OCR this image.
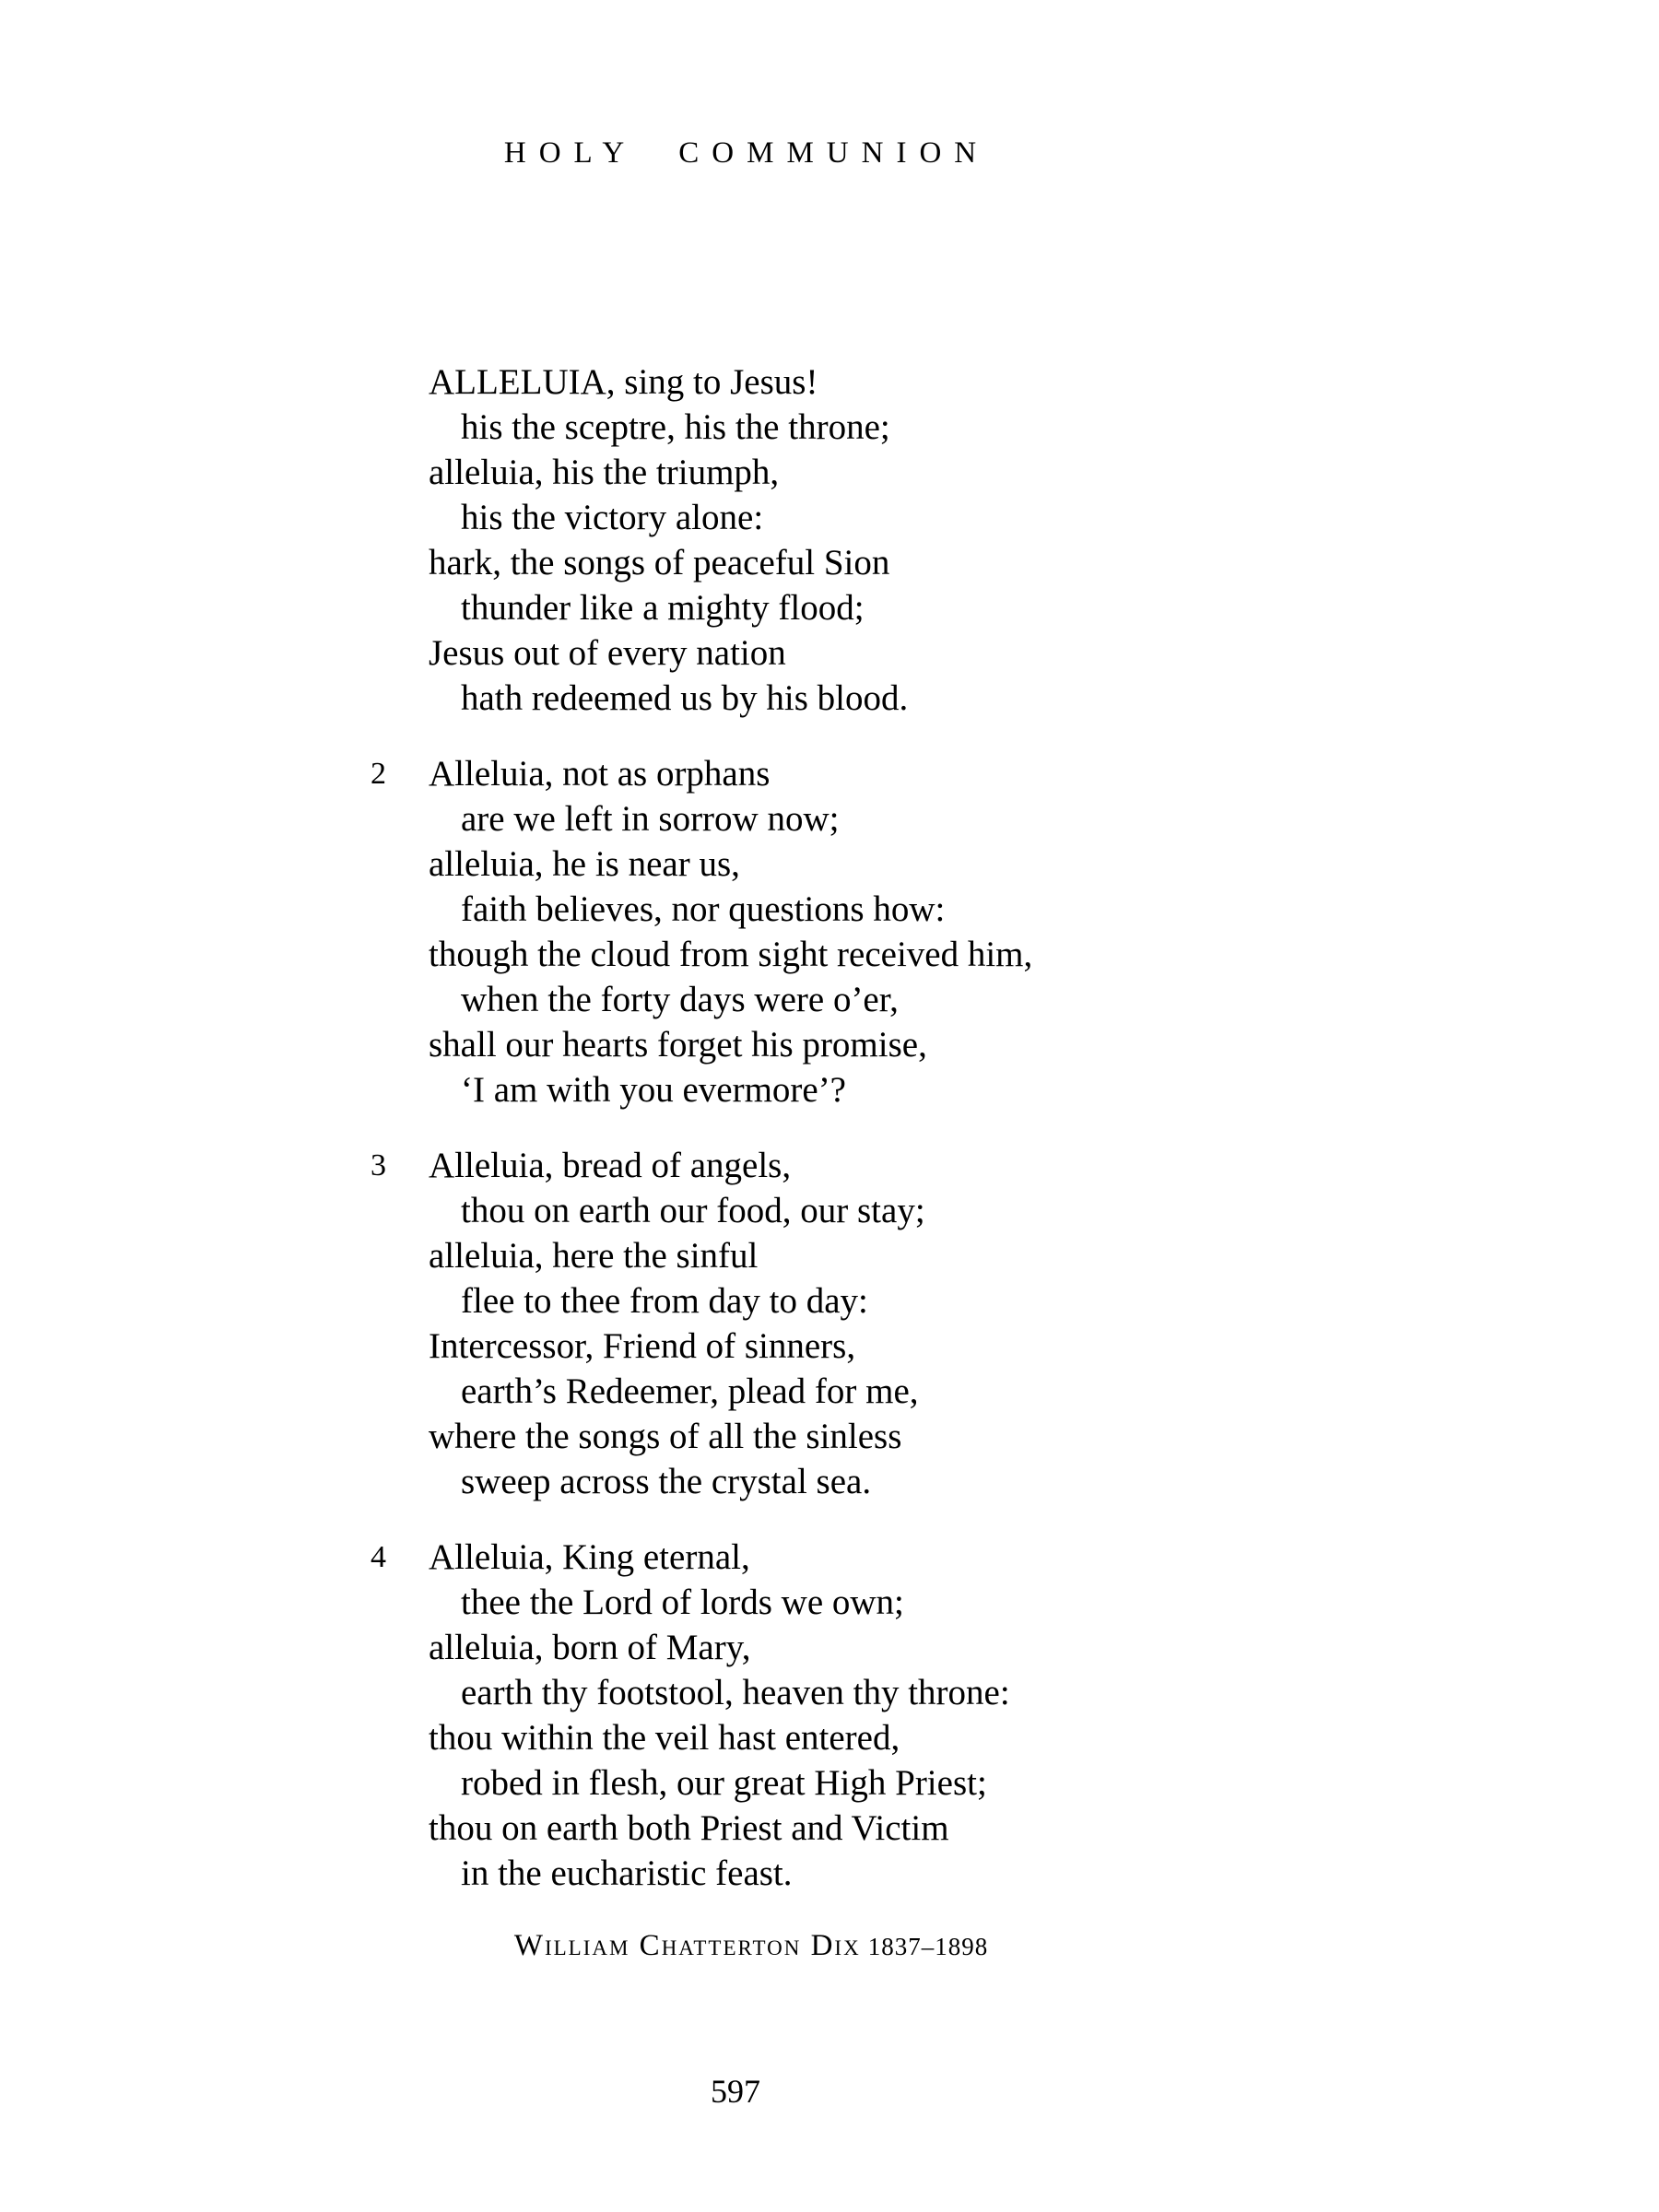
HOLY COMMUNION
ALLELUIA, sing to Jesus!
his the sceptre, his the throne;
alleluia, his the triumph,
his the victory alone:
hark, the songs of peaceful Sion
thunder like a mighty flood;
Jesus out of every nation
hath redeemed us by his blood.
2 Alleluia, not as orphans
are we left in sorrow now;
alleluia, he is near us,
faith believes, nor questions how:
though the cloud from sight received him,
when the forty days were o’er,
shall our hearts forget his promise,
‘I am with you evermore’?
3 Alleluia, bread of angels,
thou on earth our food, our stay;
alleluia, here the sinful
flee to thee from day to day:
Intercessor, Friend of sinners,
earth’s Redeemer, plead for me,
where the songs of all the sinless
sweep across the crystal sea.
4 Alleluia, King eternal,
thee the Lord of lords we own;
alleluia, born of Mary,
earth thy footstool, heaven thy throne:
thou within the veil hast entered,
robed in flesh, our great High Priest;
thou on earth both Priest and Victim
in the eucharistic feast.
William Chatterton Dix 1837–1898
597
